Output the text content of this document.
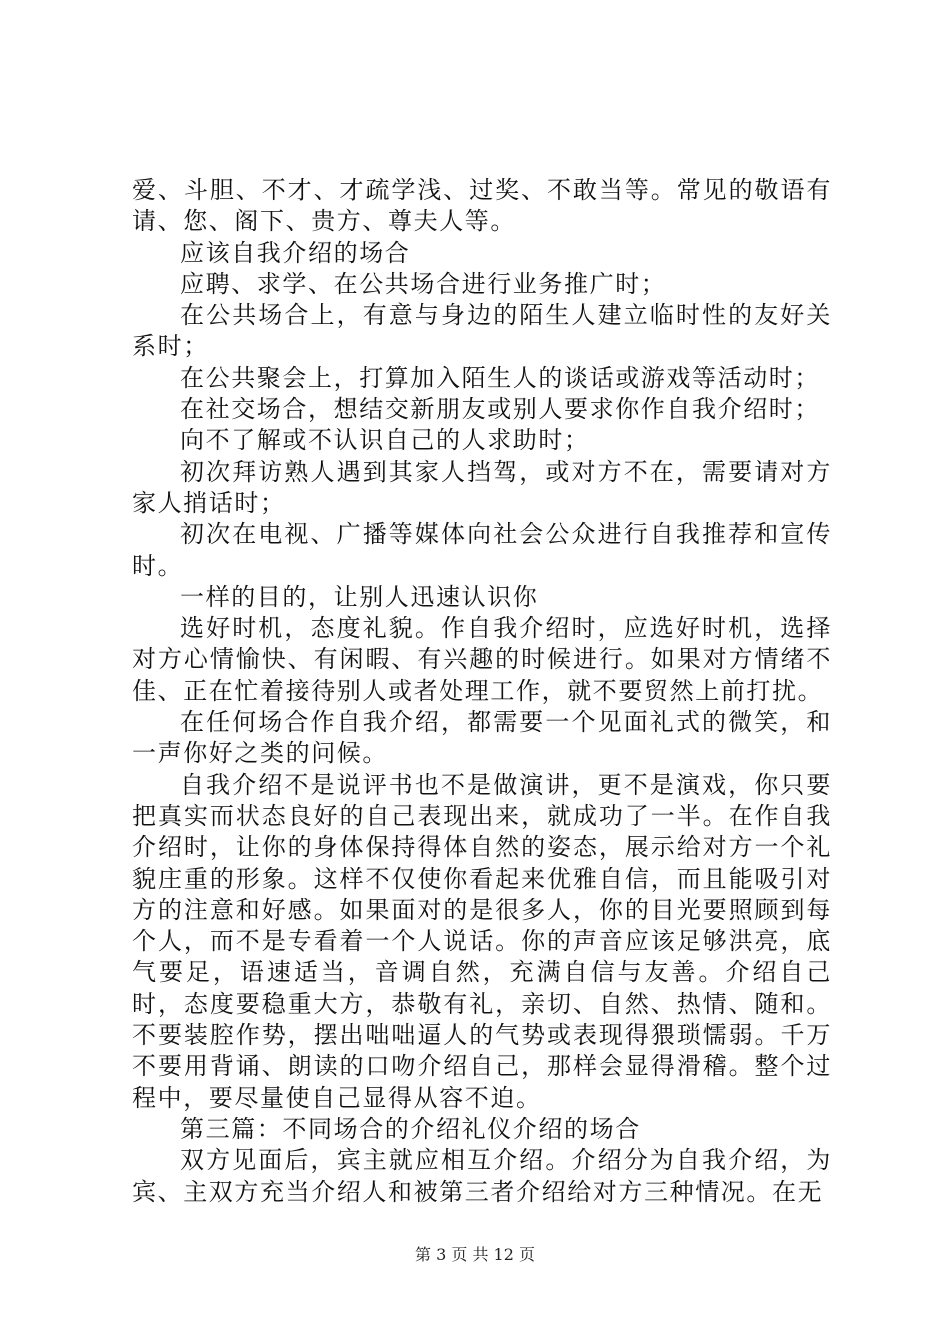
爱、斗胆、不才、才疏学浅、过奖、不敢当等。常见的敬语有请、您、阁下、贵方、尊夫人等。

应该自我介绍的场合

应聘、求学、在公共场合进行业务推广时；

在公共场合上，有意与身边的陌生人建立临时性的友好关系时；

在公共聚会上，打算加入陌生人的谈话或游戏等活动时；

在社交场合，想结交新朋友或别人要求你作自我介绍时；

向不了解或不认识自己的人求助时；

初次拜访熟人遇到其家人挡驾，或对方不在，需要请对方家人捎话时；

初次在电视、广播等媒体向社会公众进行自我推荐和宣传时。

一样的目的，让别人迅速认识你

选好时机，态度礼貌。作自我介绍时，应选好时机，选择对方心情愉快、有闲暇、有兴趣的时候进行。如果对方情绪不佳、正在忙着接待别人或者处理工作，就不要贸然上前打扰。

在任何场合作自我介绍，都需要一个见面礼式的微笑，和一声你好之类的问候。

自我介绍不是说评书也不是做演讲，更不是演戏，你只要把真实而状态良好的自己表现出来，就成功了一半。在作自我介绍时，让你的身体保持得体自然的姿态，展示给对方一个礼貌庄重的形象。这样不仅使你看起来优雅自信，而且能吸引对方的注意和好感。如果面对的是很多人，你的目光要照顾到每个人，而不是专看着一个人说话。你的声音应该足够洪亮，底气要足，语速适当，音调自然，充满自信与友善。介绍自己时，态度要稳重大方，恭敬有礼，亲切、自然、热情、随和。不要装腔作势，摆出咄咄逼人的气势或表现得猥琐懦弱。千万不要用背诵、朗读的口吻介绍自己，那样会显得滑稽。整个过程中，要尽量使自己显得从容不迫。

第三篇：不同场合的介绍礼仪介绍的场合

双方见面后，宾主就应相互介绍。介绍分为自我介绍，为宾、主双方充当介绍人和被第三者介绍给对方三种情况。在无

第 3 页 共 12 页
